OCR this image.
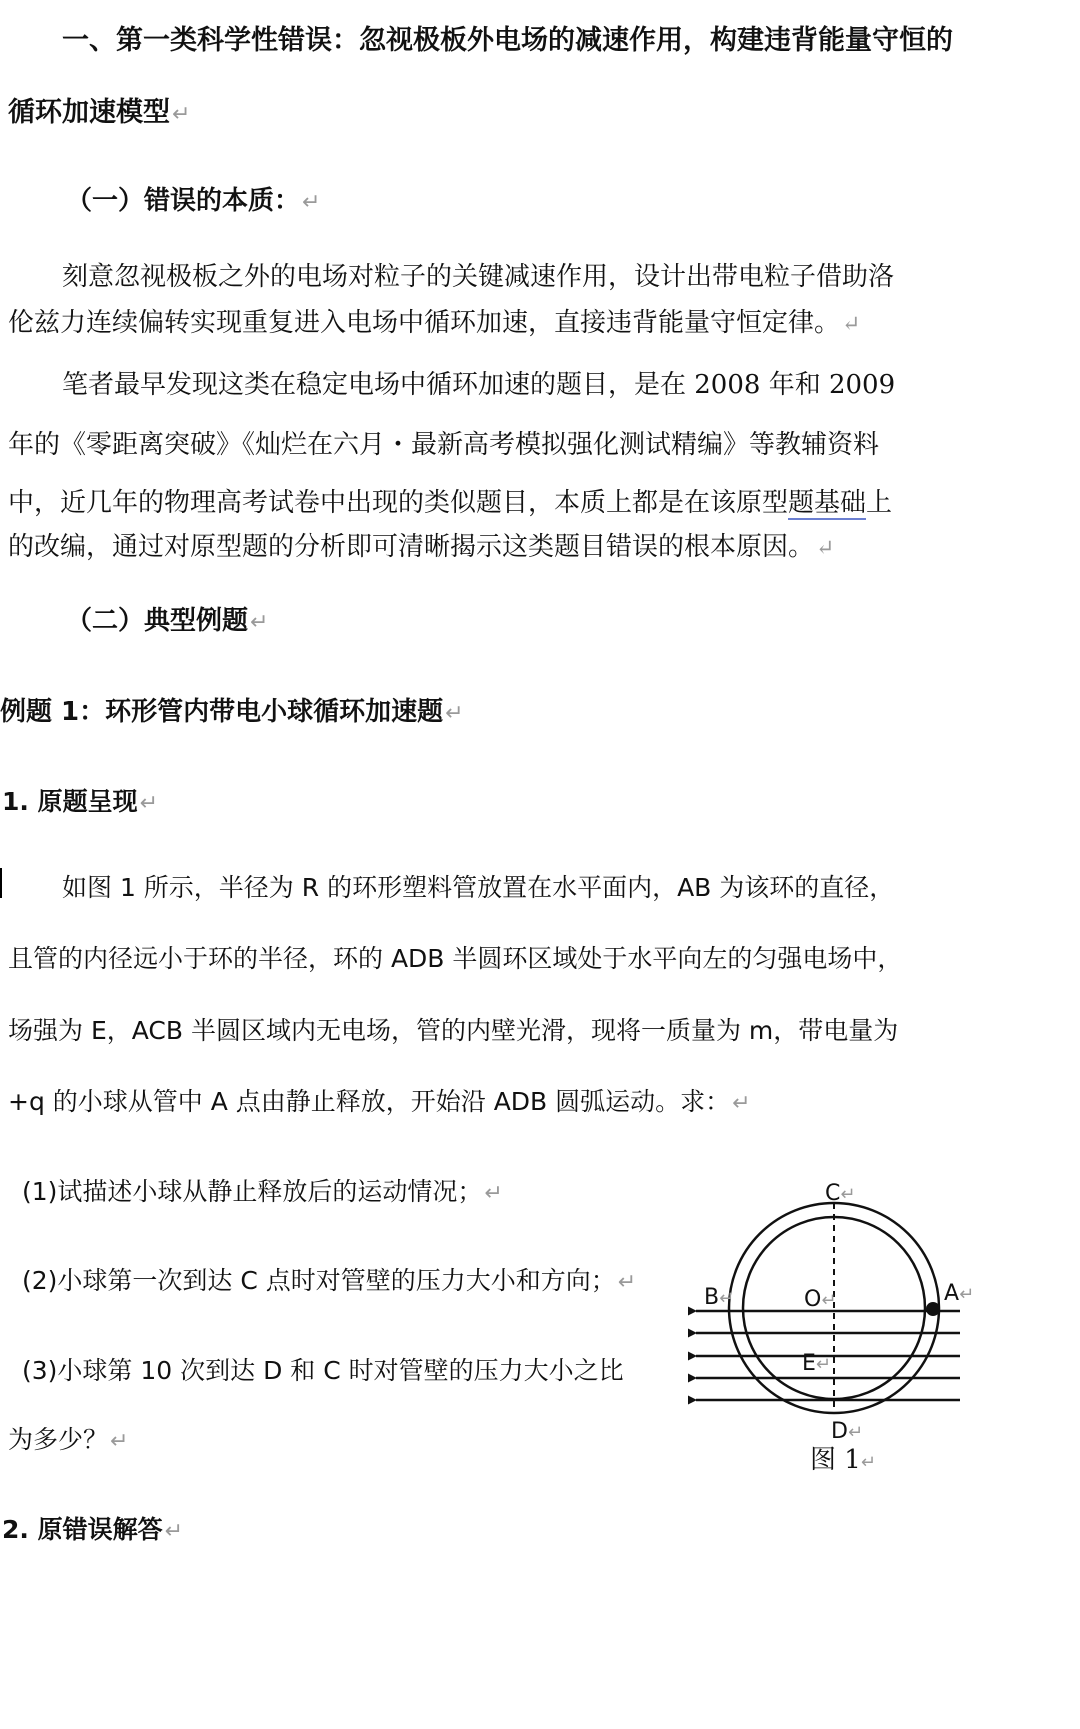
一、第一类科学性错误：忽视极板外电场的减速作用，构建违背能量守恒的
循环加速模型↵
（一）错误的本质：↵
刻意忽视极板之外的电场对粒子的关键减速作用，设计出带电粒子借助洛
伦兹力连续偏转实现重复进入电场中循环加速，直接违背能量守恒定律。↵
笔者最早发现这类在稳定电场中循环加速的题目，是在 2008 年和 2009
年的《零距离突破》《灿烂在六月・最新高考模拟强化测试精编》等教辅资料
中，近几年的物理高考试卷中出现的类似题目，本质上都是在该原型题基础上
的改编，通过对原型题的分析即可清晰揭示这类题目错误的根本原因。↵
（二）典型例题↵
例题 1：环形管内带电小球循环加速题↵
1. 原题呈现↵
如图 1 所示，半径为 R 的环形塑料管放置在水平面内，AB 为该环的直径，
且管的内径远小于环的半径，环的 ADB 半圆环区域处于水平向左的匀强电场中，
场强为 E，ACB 半圆区域内无电场，管的内壁光滑，现将一质量为 m，带电量为
+q 的小球从管中 A 点由静止释放，开始沿 ADB 圆弧运动。求：↵
(1)试描述小球从静止释放后的运动情况；↵
(2)小球第一次到达 C 点时对管壁的压力大小和方向；↵
(3)小球第 10 次到达 D 和 C 时对管壁的压力大小之比
为多少？↵
C↵
B↵	O↵	A↵
E↵
D↵
图 1↵
2. 原错误解答↵
